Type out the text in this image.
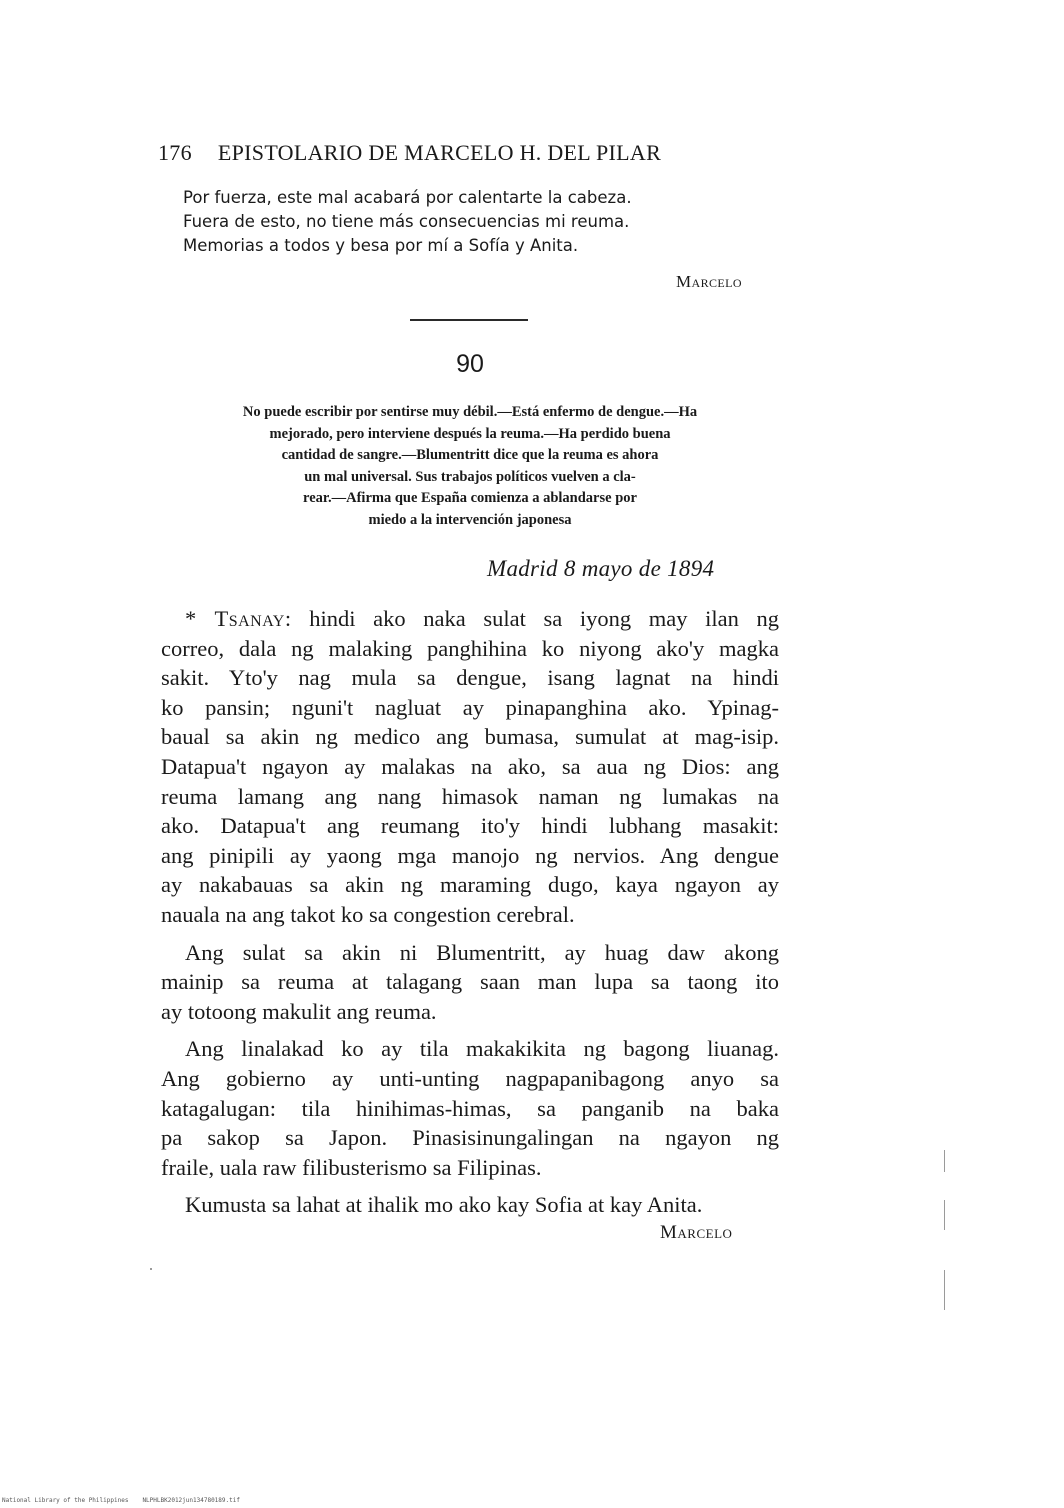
176 EPISTOLARIO DE MARCELO H. DEL PILAR
Por fuerza, este mal acabará por calentarte la cabeza.
Fuera de esto, no tiene más consecuencias mi reuma.
Memorias a todos y besa por mí a Sofía y Anita.
Marcelo
90
No puede escribir por sentirse muy débil.—Está enfermo de dengue.—Ha
mejorado, pero interviene después la reuma.—Ha perdido buena
cantidad de sangre.—Blumentritt dice que la reuma es ahora
un mal universal. Sus trabajos políticos vuelven a cla-
rear.—Afirma que España comienza a ablandarse por
miedo a la intervención japonesa
Madrid 8 mayo de 1894
* Tsanay: hindi ako naka sulat sa iyong may ilan ng
correo, dala ng malaking panghihina ko niyong ako'y magka
sakit. Yto'y nag mula sa dengue, isang lagnat na hindi
ko pansin; nguni't nagluat ay pinapanghina ako. Ypinag-
baual sa akin ng medico ang bumasa, sumulat at mag-isip.
Datapua't ngayon ay malakas na ako, sa aua ng Dios: ang
reuma lamang ang nang himasok naman ng lumakas na
ako. Datapua't ang reumang ito'y hindi lubhang masakit:
ang pinipili ay yaong mga manojo ng nervios. Ang dengue
ay nakabauas sa akin ng maraming dugo, kaya ngayon ay
nauala na ang takot ko sa congestion cerebral.
Ang sulat sa akin ni Blumentritt, ay huag daw akong
mainip sa reuma at talagang saan man lupa sa taong ito
ay totoong makulit ang reuma.
Ang linalakad ko ay tila makakikita ng bagong liuanag.
Ang gobierno ay unti-unting nagpapanibagong anyo sa
katagalugan: tila hinihimas-himas, sa panganib na baka
pa sakop sa Japon. Pinasisinungalingan na ngayon ng
fraile, uala raw filibusterismo sa Filipinas.
Kumusta sa lahat at ihalik mo ako kay Sofia at kay Anita.
Marcelo
National Library of the Philippines NLPHLBK2012jun134780189.tif
